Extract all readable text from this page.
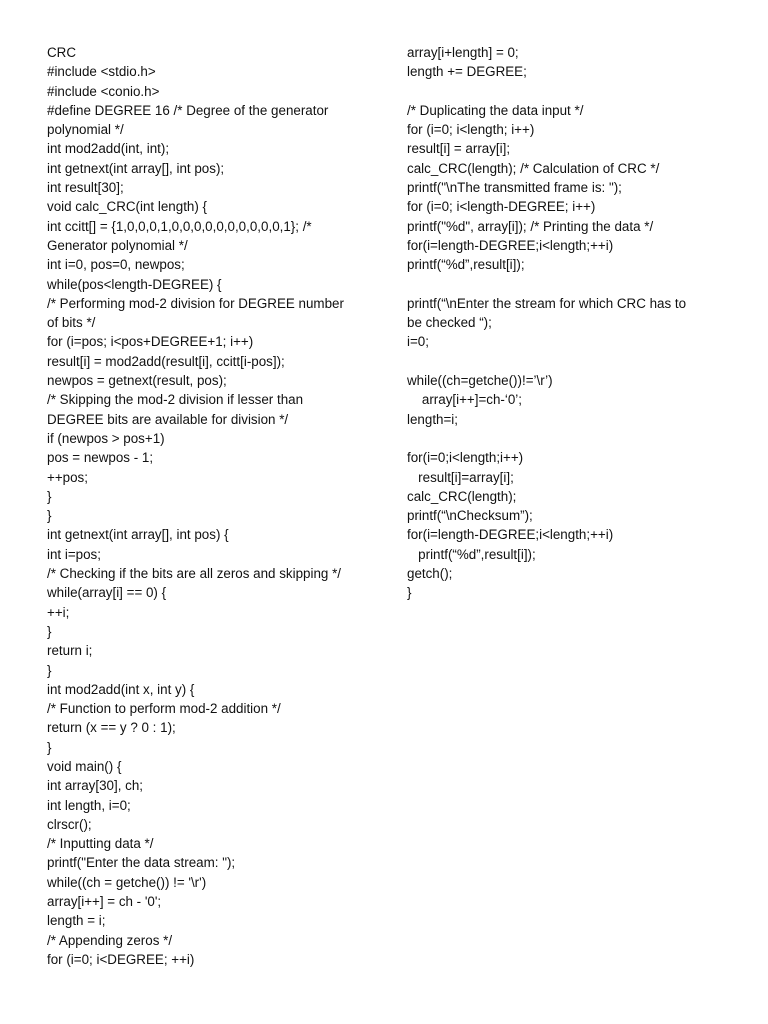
CRC
#include <stdio.h>
#include <conio.h>
#define DEGREE 16 /* Degree of the generator
polynomial */
int mod2add(int, int);
int getnext(int array[], int pos);
int result[30];
void calc_CRC(int length) {
int ccitt[] = {1,0,0,0,1,0,0,0,0,0,0,0,0,0,0,1}; /*
Generator polynomial */
int i=0, pos=0, newpos;
while(pos<length-DEGREE) {
/* Performing mod-2 division for DEGREE number
of bits */
for (i=pos; i<pos+DEGREE+1; i++)
result[i] = mod2add(result[i], ccitt[i-pos]);
newpos = getnext(result, pos);
/* Skipping the mod-2 division if lesser than
DEGREE bits are available for division */
if (newpos > pos+1)
pos = newpos - 1;
++pos;
}
}
int getnext(int array[], int pos) {
int i=pos;
/* Checking if the bits are all zeros and skipping */
while(array[i] == 0) {
++i;
}
return i;
}
int mod2add(int x, int y) {
/* Function to perform mod-2 addition */
return (x == y ? 0 : 1);
}
void main() {
int array[30], ch;
int length, i=0;
clrscr();
/* Inputting data */
printf("Enter the data stream: ");
while((ch = getche()) != '\r')
array[i++] = ch - '0';
length = i;
/* Appending zeros */
for (i=0; i<DEGREE; ++i)
array[i+length] = 0;
length += DEGREE;
/* Duplicating the data input */
for (i=0; i<length; i++)
result[i] = array[i];
calc_CRC(length); /* Calculation of CRC */
printf("\nThe transmitted frame is: ");
for (i=0; i<length-DEGREE; i++)
printf("%d", array[i]); /* Printing the data */
for(i=length-DEGREE;i<length;++i)
printf(“%d”,result[i]);
printf(“\nEnter the stream for which CRC has to
be checked “);
i=0;
while((ch=getche())!=’\r’)
array[i++]=ch-‘0’;
length=i;
for(i=0;i<length;i++)
result[i]=array[i];
calc_CRC(length);
printf(“\nChecksum”);
for(i=length-DEGREE;i<length;++i)
printf(“%d”,result[i]);
getch();
}
